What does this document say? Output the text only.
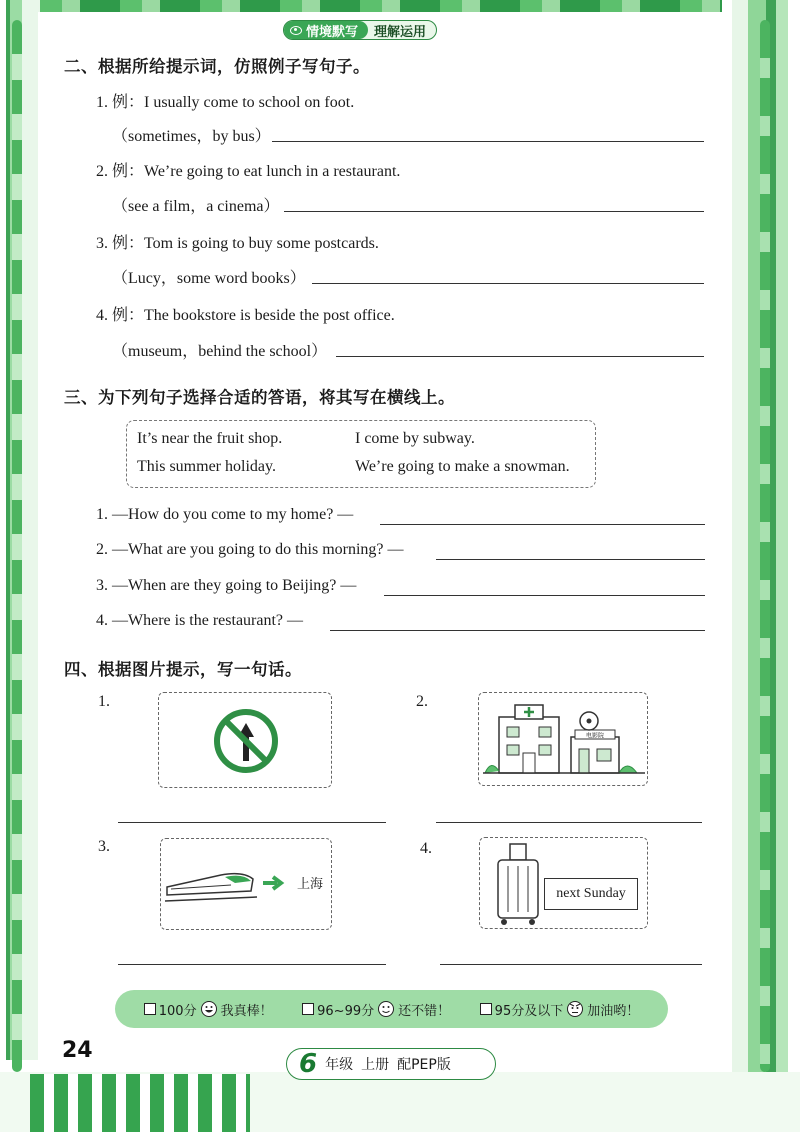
情境默写	理解运用
二、根据所给提示词，仿照例子写句子。
1. 例：I usually come to school on foot.
（sometimes，by bus）
2. 例：We’re going to eat lunch in a restaurant.
（see a film，a cinema）
3. 例：Tom is going to buy some postcards.
（Lucy，some word books）
4. 例：The bookstore is beside the post office.
（museum，behind the school）
三、为下列句子选择合适的答语，将其写在横线上。
It’s near the fruit shop.	I come by subway.
This summer holiday.	We’re going to make a snowman.
1. —How do you come to my home? —
2. —What are you going to do this morning? —
3. —When are they going to Beijing? —
4. —Where is the restaurant? —
四、根据图片提示，写一句话。
1.	2.
电影院
3.
上海
4.
next Sunday
100分 我真棒！	96~99分 还不错！	95分及以下 加油哟！
24	6 年级 上册 配PEP版
